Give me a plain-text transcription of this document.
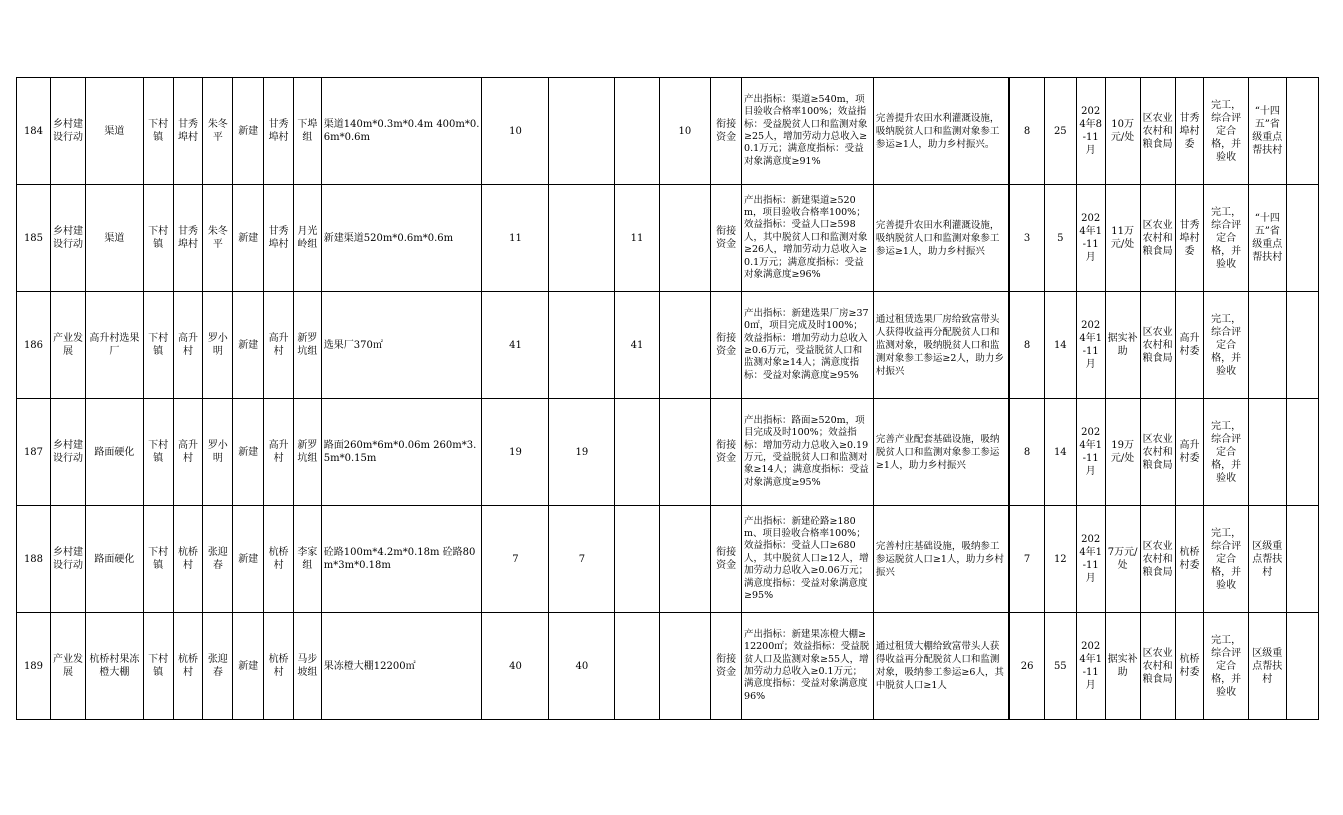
184	乡村建设行动	渠道	下村镇	甘秀埠村	朱冬平	新建	甘秀埠村	下埠组	渠道140m*0.3m*0.4m 400m*0.6m*0.6m	10			10	衔接资金	产出指标：渠道≥540m，项目验收合格率100%；效益指标：受益脱贫人口和监测对象≥25人，增加劳动力总收入≥0.1万元；满意度指标：受益对象满意度≥91%	完善提升农田水利灌溉设施，吸纳脱贫人口和监测对象参工参运≥1人，助力乡村振兴。	8	25	2024年8-11月	10万元/处	区农业农村和粮食局	甘秀埠村委	完工，综合评定合格，并验收	“十四五”省级重点帮扶村	
185	乡村建设行动	渠道	下村镇	甘秀埠村	朱冬平	新建	甘秀埠村	月光岭组	新建渠道520m*0.6m*0.6m	11		11		衔接资金	产出指标：新建渠道≥520m，项目验收合格率100%；效益指标：受益人口≥598人，其中脱贫人口和监测对象≥26人，增加劳动力总收入≥0.1万元；满意度指标：受益对象满意度≥96%	完善提升农田水利灌溉设施，吸纳脱贫人口和监测对象参工参运≥1人，助力乡村振兴	3	5	2024年1-11月	11万元/处	区农业农村和粮食局	甘秀埠村委	完工，综合评定合格，并验收	“十四五”省级重点帮扶村	
186	产业发展	高升村选果厂	下村镇	高升村	罗小明	新建	高升村	新罗坑组	选果厂370㎡	41		41		衔接资金	产出指标：新建选果厂房≥370㎡，项目完成及时100%；效益指标：增加劳动力总收入≥0.6万元，受益脱贫人口和监测对象≥14人；满意度指标：受益对象满意度≥95%	通过租赁选果厂房给致富带头人获得收益再分配脱贫人口和监测对象，吸纳脱贫人口和监测对象参工参运≥2人，助力乡村振兴	8	14	2024年1-11月	据实补助	区农业农村和粮食局	高升村委	完工，综合评定合格，并验收		
187	乡村建设行动	路面硬化	下村镇	高升村	罗小明	新建	高升村	新罗坑组	路面260m*6m*0.06m 260m*3.5m*0.15m	19	19			衔接资金	产出指标：路面≥520m，项目完成及时100%；效益指标：增加劳动力总收入≥0.19万元，受益脱贫人口和监测对象≥14人；满意度指标：受益对象满意度≥95%	完善产业配套基础设施，吸纳脱贫人口和监测对象参工参运≥1人，助力乡村振兴	8	14	2024年1-11月	19万元/处	区农业农村和粮食局	高升村委	完工，综合评定合格，并验收		
188	乡村建设行动	路面硬化	下村镇	杭桥村	张迎春	新建	杭桥村	李家组	砼路100m*4.2m*0.18m 砼路80m*3m*0.18m	7	7			衔接资金	产出指标：新建砼路≥180m、项目验收合格率100%；效益指标：受益人口≥680人，其中脱贫人口≥12人，增加劳动力总收入≥0.06万元；满意度指标：受益对象满意度≥95%	完善村庄基础设施，吸纳参工参运脱贫人口≥1人，助力乡村振兴	7	12	2024年1-11月	7万元/处	区农业农村和粮食局	杭桥村委	完工，综合评定合格，并验收	区级重点帮扶村	
189	产业发展	杭桥村果冻橙大棚	下村镇	杭桥村	张迎春	新建	杭桥村	马步坡组	果冻橙大棚12200㎡	40	40			衔接资金	产出指标：新建果冻橙大棚≥12200㎡；效益指标：受益脱贫人口及监测对象≥55人，增加劳动力总收入≥0.1万元；满意度指标：受益对象满意度96%	通过租赁大棚给致富带头人获得收益再分配脱贫人口和监测对象，吸纳参工参运≥6人，其中脱贫人口≥1人	26	55	2024年1-11月	据实补助	区农业农村和粮食局	杭桥村委	完工，综合评定合格，并验收	区级重点帮扶村	
